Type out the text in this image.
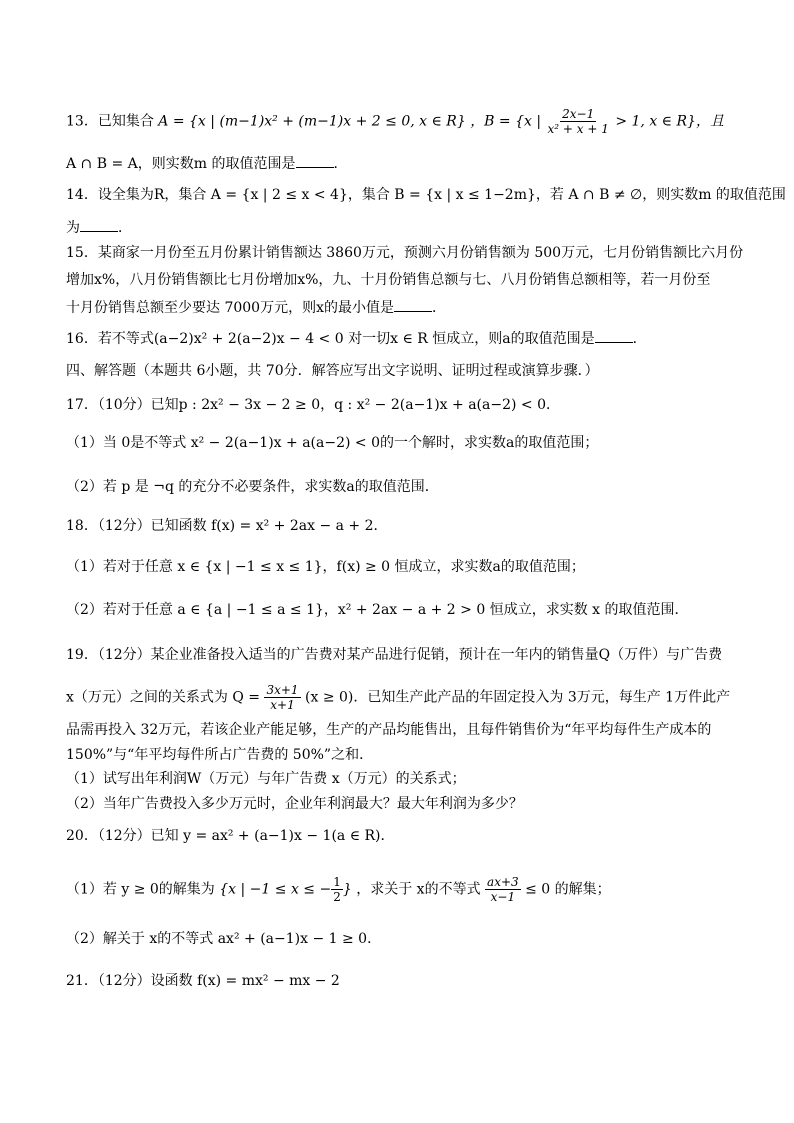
13．已知集合 A = {x | (m−1)x² + (m−1)x + 2 ≤ 0, x ∈ R} ，B = {x | $\frac{2x-1}{\text{x² + x + 1}} > 1$, x ∈ R}，且
A ∩ B = A，则实数m 的取值范围是	．
14．设全集为R，集合 A = {x | 2 ≤ x < 4}，集合 B = {x | x ≤ 1−2m}，若 A ∩ B ≠ ∅，则实数m 的取值范围
为	．
15．某商家一月份至五月份累计销售额达 3860万元，预测六月份销售额为 500万元，七月份销售额比六月份
增加x%，八月份销售额比七月份增加x%，九、十月份销售总额与七、八月份销售总额相等，若一月份至
十月份销售总额至少要达 7000万元，则x的最小值是	．
16．若不等式(a−2)x² + 2(a−2)x − 4 < 0 对一切x ∈ R 恒成立，则a的取值范围是	．
四、解答题（本题共 6小题，共 70分．解答应写出文字说明、证明过程或演算步骤．）
17．（10分）已知p : 2x² − 3x − 2 ≥ 0，q : x² − 2(a−1)x + a(a−2) < 0．
（1）当 0是不等式 x² − 2(a−1)x + a(a−2) < 0的一个解时，求实数a的取值范围；
（2）若 p 是 ¬q 的充分不必要条件，求实数a的取值范围．
18．（12分）已知函数 f(x) = x² + 2ax − a + 2．
（1）若对于任意 x ∈ {x | −1 ≤ x ≤ 1}，f(x) ≥ 0 恒成立，求实数a的取值范围；
（2）若对于任意 a ∈ {a | −1 ≤ a ≤ 1}，x² + 2ax − a + 2 > 0 恒成立，求实数 x 的取值范围．
19．（12分）某企业准备投入适当的广告费对某产品进行促销，预计在一年内的销售量Q（万件）与广告费
x（万元）之间的关系式为 $Q = \frac{3x+1}{x+1} (x \ge 0)$．已知生产此产品的年固定投入为 3万元，每生产 1万件此产
品需再投入 32万元，若该企业产能足够，生产的产品均能售出，且每件销售价为“年平均每件生产成本的
150%”与“年平均每件所占广告费的 50%”之和．
（1）试写出年利润W（万元）与年广告费 x（万元）的关系式；
（2）当年广告费投入多少万元时，企业年利润最大？最大年利润为多少？
20．（12分）已知 y = ax² + (a−1)x − 1(a ∈ R)．
（1）若 y ≥ 0的解集为 {x | −1 ≤ x ≤ − $\frac{1}{2}$ } ，求关于 x的不等式 $\frac{ax+3}{x-1} \le 0$ 的解集；
（2）解关于 x的不等式 ax² + (a−1)x − 1 ≥ 0．
21．（12分）设函数 f(x) = mx² − mx − 2
